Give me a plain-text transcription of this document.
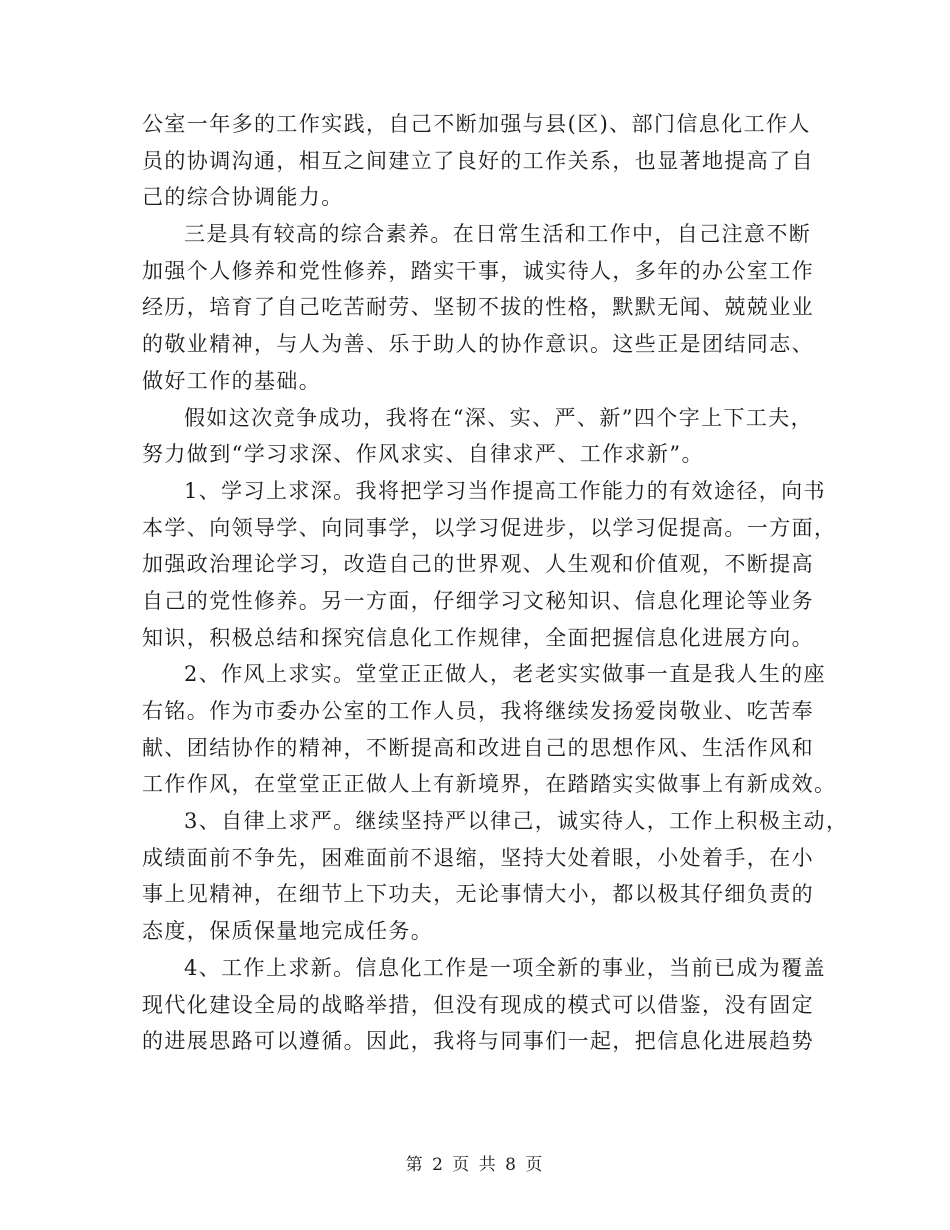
公室一年多的工作实践，自己不断加强与县(区)、部门信息化工作人
员的协调沟通，相互之间建立了良好的工作关系，也显著地提高了自
己的综合协调能力。
三是具有较高的综合素养。在日常生活和工作中，自己注意不断
加强个人修养和党性修养，踏实干事，诚实待人，多年的办公室工作
经历，培育了自己吃苦耐劳、坚韧不拔的性格，默默无闻、兢兢业业
的敬业精神，与人为善、乐于助人的协作意识。这些正是团结同志、
做好工作的基础。
假如这次竞争成功，我将在“深、实、严、新”四个字上下工夫，
努力做到“学习求深、作风求实、自律求严、工作求新”。
1、学习上求深。我将把学习当作提高工作能力的有效途径，向书
本学、向领导学、向同事学，以学习促进步，以学习促提高。一方面，
加强政治理论学习，改造自己的世界观、人生观和价值观，不断提高
自己的党性修养。另一方面，仔细学习文秘知识、信息化理论等业务
知识，积极总结和探究信息化工作规律，全面把握信息化进展方向。
2、作风上求实。堂堂正正做人，老老实实做事一直是我人生的座
右铭。作为市委办公室的工作人员，我将继续发扬爱岗敬业、吃苦奉
献、团结协作的精神，不断提高和改进自己的思想作风、生活作风和
工作作风，在堂堂正正做人上有新境界，在踏踏实实做事上有新成效。
3、自律上求严。继续坚持严以律己，诚实待人，工作上积极主动，
成绩面前不争先，困难面前不退缩，坚持大处着眼，小处着手，在小
事上见精神，在细节上下功夫，无论事情大小，都以极其仔细负责的
态度，保质保量地完成任务。
4、工作上求新。信息化工作是一项全新的事业，当前已成为覆盖
现代化建设全局的战略举措，但没有现成的模式可以借鉴，没有固定
的进展思路可以遵循。因此，我将与同事们一起，把信息化进展趋势
第 2 页 共 8 页
